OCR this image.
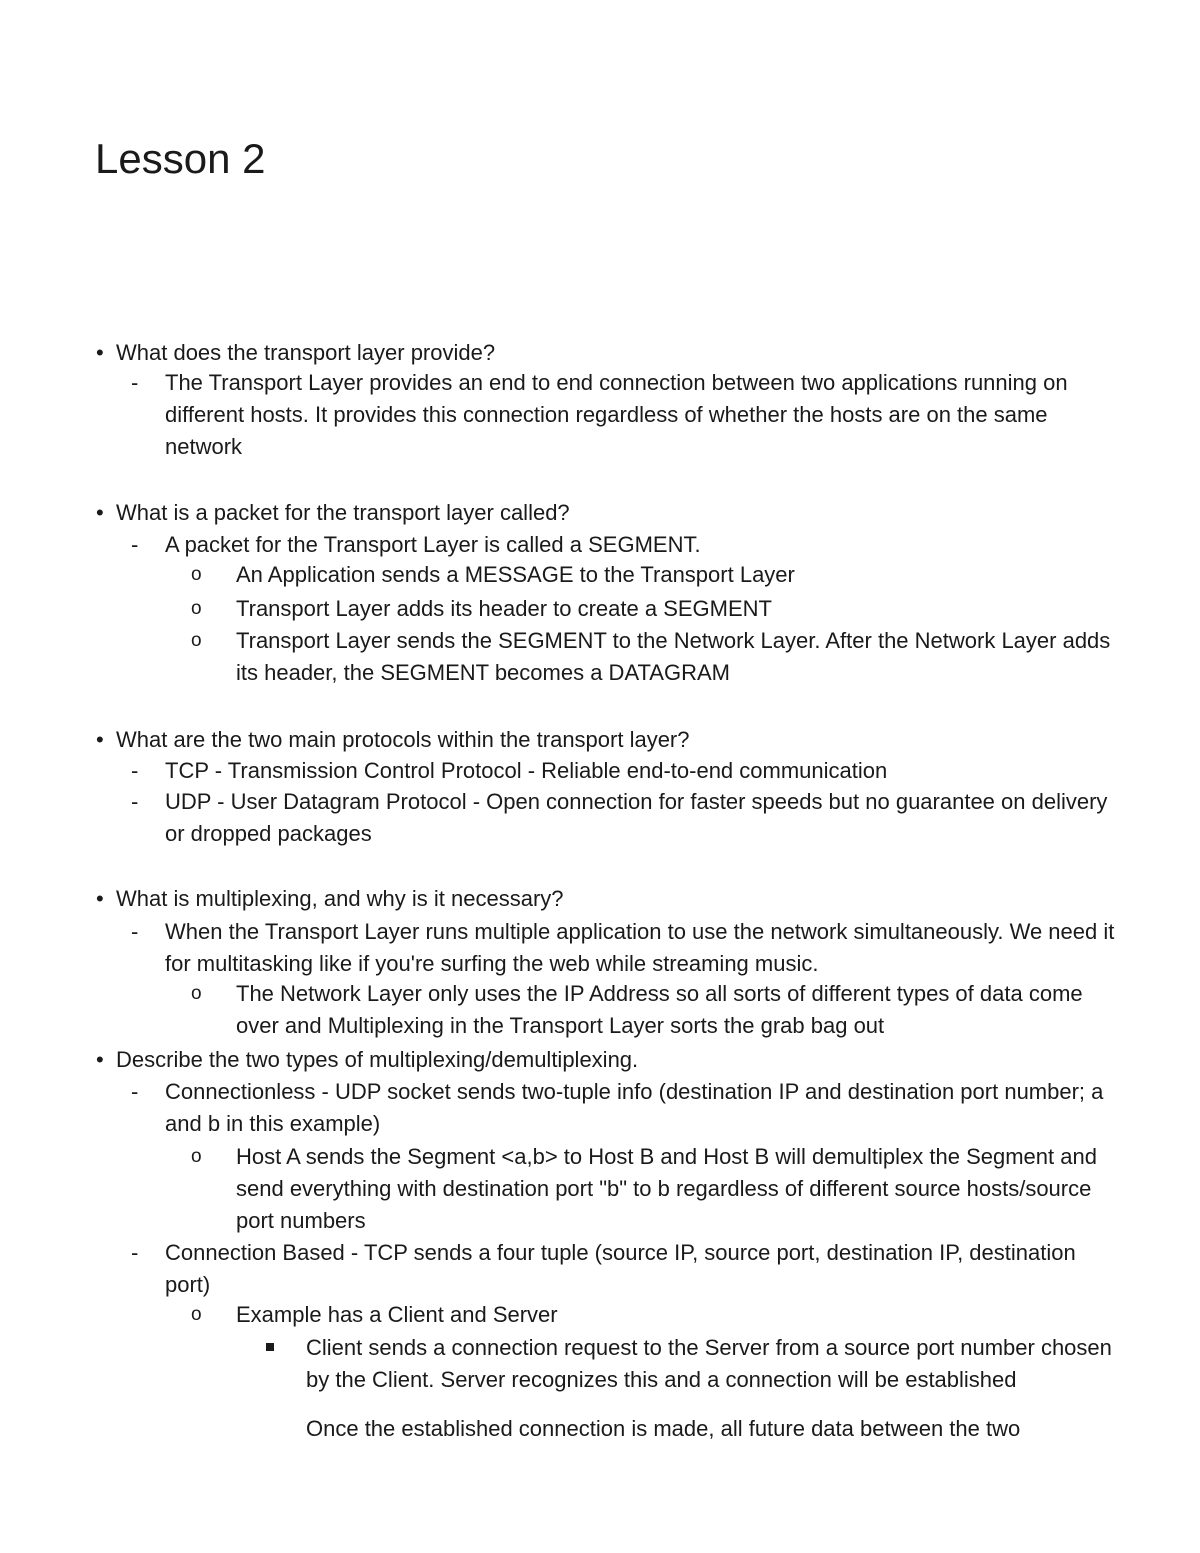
Lesson 2
• What does the transport layer provide?
- The Transport Layer provides an end to end connection between two applications running on different hosts. It provides this connection regardless of whether the hosts are on the same network
• What is a packet for the transport layer called?
- A packet for the Transport Layer is called a SEGMENT.
o An Application sends a MESSAGE to the Transport Layer
o Transport Layer adds its header to create a SEGMENT
o Transport Layer sends the SEGMENT to the Network Layer. After the Network Layer adds its header, the SEGMENT becomes a DATAGRAM
• What are the two main protocols within the transport layer?
- TCP - Transmission Control Protocol - Reliable end-to-end communication
- UDP - User Datagram Protocol - Open connection for faster speeds but no guarantee on delivery or dropped packages
• What is multiplexing, and why is it necessary?
- When the Transport Layer runs multiple application to use the network simultaneously. We need it for multitasking like if you're surfing the web while streaming music.
o The Network Layer only uses the IP Address so all sorts of different types of data come over and Multiplexing in the Transport Layer sorts the grab bag out
• Describe the two types of multiplexing/demultiplexing.
- Connectionless - UDP socket sends two-tuple info (destination IP and destination port number; a and b in this example)
o Host A sends the Segment <a,b> to Host B and Host B will demultiplex the Segment and send everything with destination port "b" to b regardless of different source hosts/source port numbers
- Connection Based - TCP sends a four tuple (source IP, source port, destination IP, destination port)
o Example has a Client and Server
Client sends a connection request to the Server from a source port number chosen by the Client. Server recognizes this and a connection will be established
Once the established connection is made, all future data between the two
